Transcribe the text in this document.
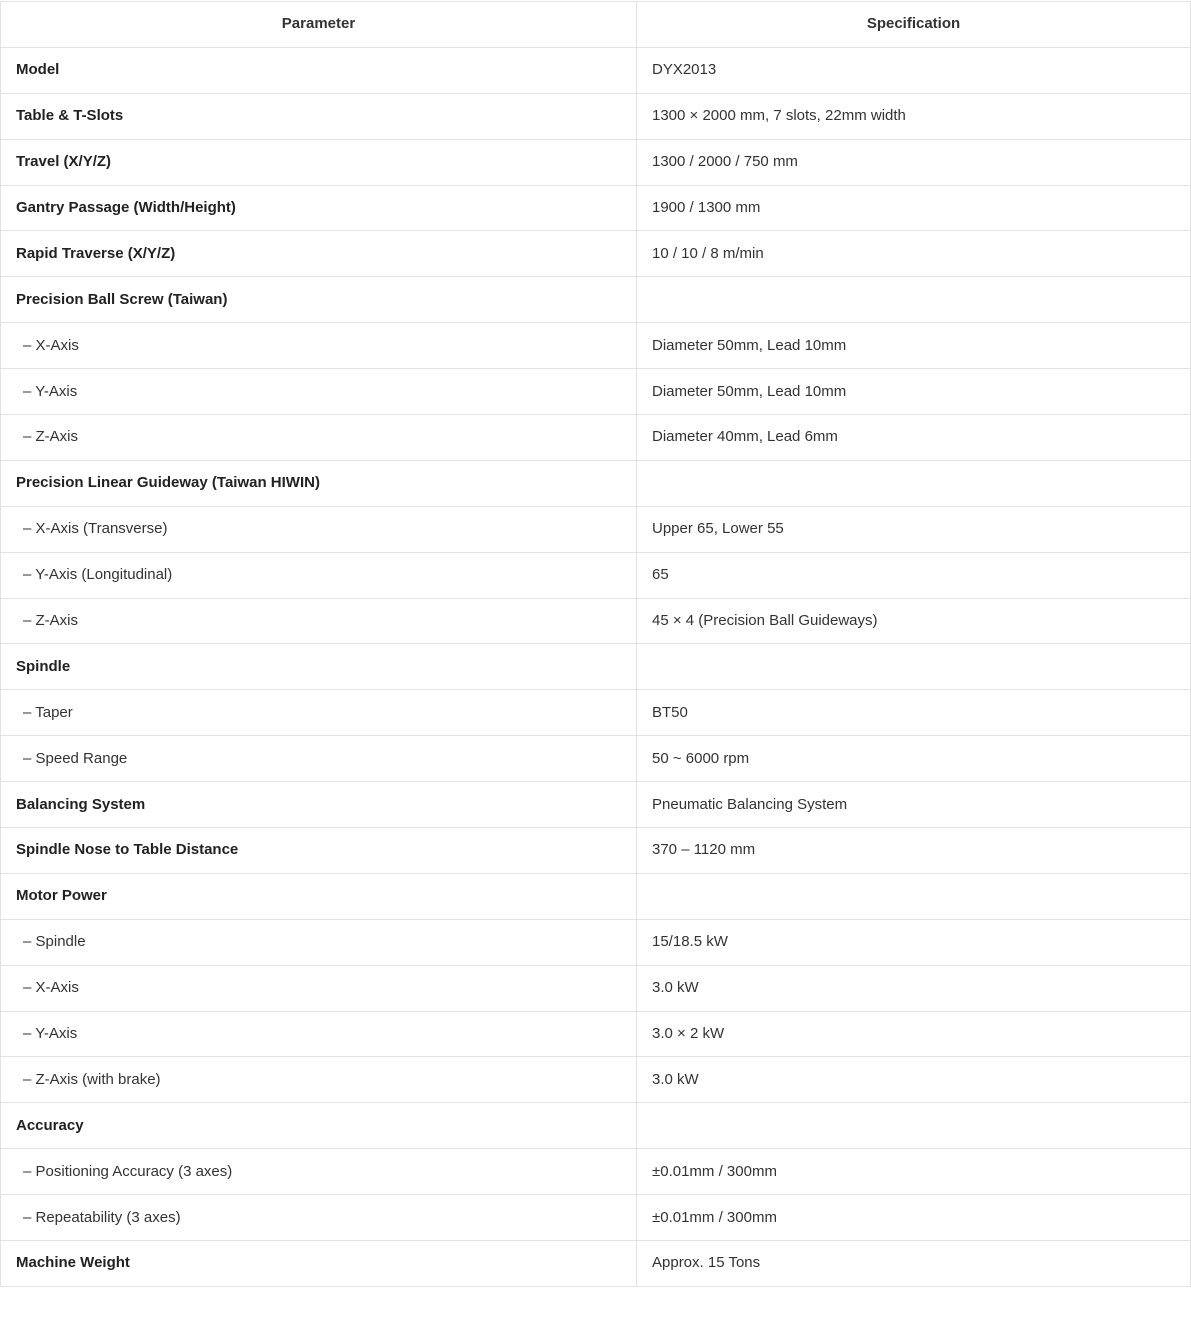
Parameter	Specification
Model	DYX2013
Table & T-Slots	1300 × 2000 mm, 7 slots, 22mm width
Travel (X/Y/Z)	1300 / 2000 / 750 mm
Gantry Passage (Width/Height)	1900 / 1300 mm
Rapid Traverse (X/Y/Z)	10 / 10 / 8 m/min
Precision Ball Screw (Taiwan)	
– X-Axis	Diameter 50mm, Lead 10mm
– Y-Axis	Diameter 50mm, Lead 10mm
– Z-Axis	Diameter 40mm, Lead 6mm
Precision Linear Guideway (Taiwan HIWIN)	
– X-Axis (Transverse)	Upper 65, Lower 55
– Y-Axis (Longitudinal)	65
– Z-Axis	45 × 4 (Precision Ball Guideways)
Spindle	
– Taper	BT50
– Speed Range	50 ~ 6000 rpm
Balancing System	Pneumatic Balancing System
Spindle Nose to Table Distance	370 – 1120 mm
Motor Power	
– Spindle	15/18.5 kW
– X-Axis	3.0 kW
– Y-Axis	3.0 × 2 kW
– Z-Axis (with brake)	3.0 kW
Accuracy	
– Positioning Accuracy (3 axes)	±0.01mm / 300mm
– Repeatability (3 axes)	±0.01mm / 300mm
Machine Weight	Approx. 15 Tons
